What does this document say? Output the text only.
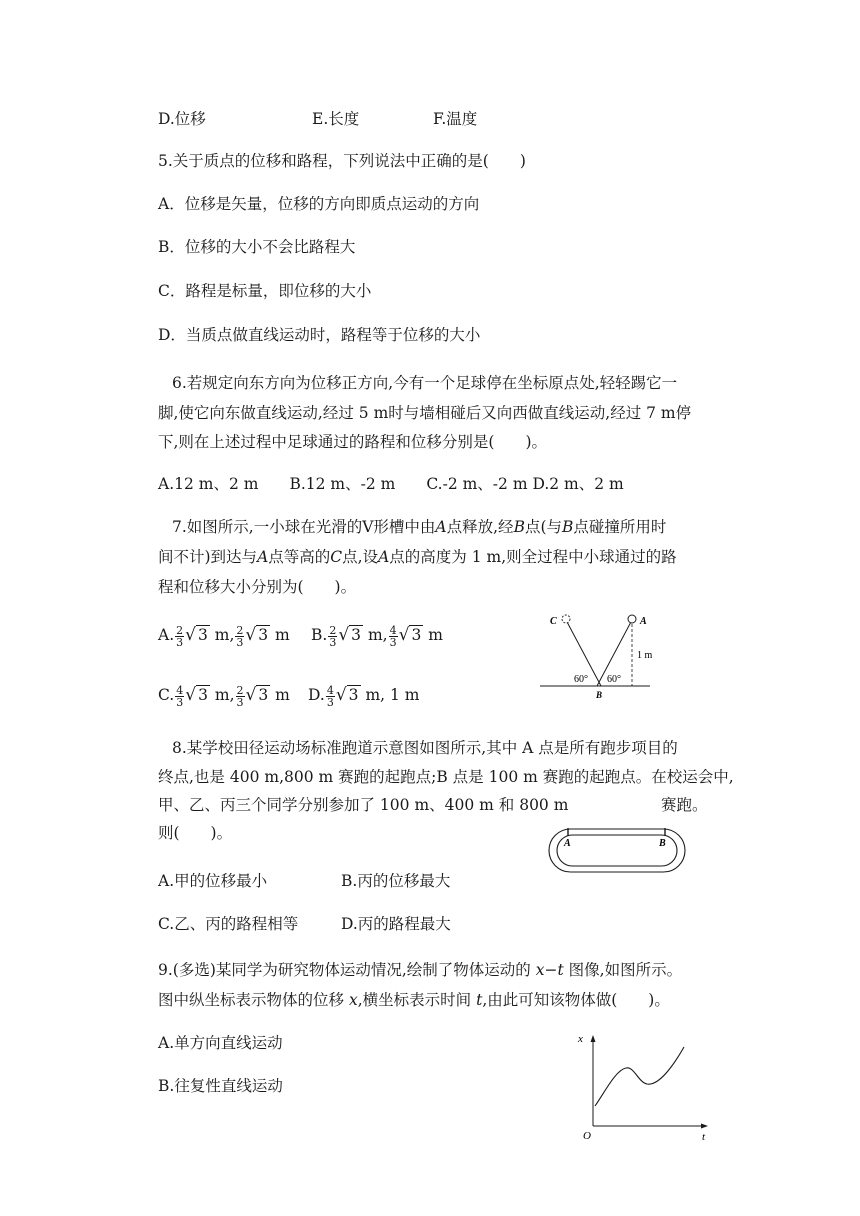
D.位移	E.长度	F.温度
5.关于质点的位移和路程，下列说法中正确的是(　　)
A．位移是矢量，位移的方向即质点运动的方向
B．位移的大小不会比路程大
C．路程是标量，即位移的大小
D．当质点做直线运动时，路程等于位移的大小
6.若规定向东方向为位移正方向,今有一个足球停在坐标原点处,轻轻踢它一
脚,使它向东做直线运动,经过 5 m时与墙相碰后又向西做直线运动,经过 7 m停
下,则在上述过程中足球通过的路程和位移分别是(　　)。
A.12 m、2 m　　B.12 m、-2 m　　C.-2 m、-2 m D.2 m、2 m
7.如图所示,一小球在光滑的V形槽中由A点释放,经B点(与B点碰撞所用时
间不计)到达与A点等高的C点,设A点的高度为 1 m,则全过程中小球通过的路
程和位移大小分别为(　　)。
A. $\frac{2}{3}$ √ 3 m, $\frac{2}{3}$ √ 3 m B. $\frac{2}{3}$ √ 3 m, $\frac{4}{3}$ √ 3 m
C. $\frac{4}{3}$ √ 3 m, $\frac{2}{3}$ √ 3 m D. $\frac{4}{3}$ √ 3 m, 1 m
C	A
B
1 m
60° 60°
8.某学校田径运动场标准跑道示意图如图所示,其中 A 点是所有跑步项目的
终点,也是 400 m,800 m 赛跑的起跑点;B 点是 100 m 赛跑的起跑点。在校运会中,
甲、乙、丙三个同学分别参加了 100 m、400 m 和 800 m	赛跑。
则(　　)。
A	B
A.甲的位移最小	B.丙的位移最大
C.乙、丙的路程相等	D.丙的路程最大
9.(多选)某同学为研究物体运动情况,绘制了物体运动的 x−t 图像,如图所示。
图中纵坐标表示物体的位移 x,横坐标表示时间 t,由此可知该物体做(　　)。
A.单方向直线运动
B.往复性直线运动
x
t
O
